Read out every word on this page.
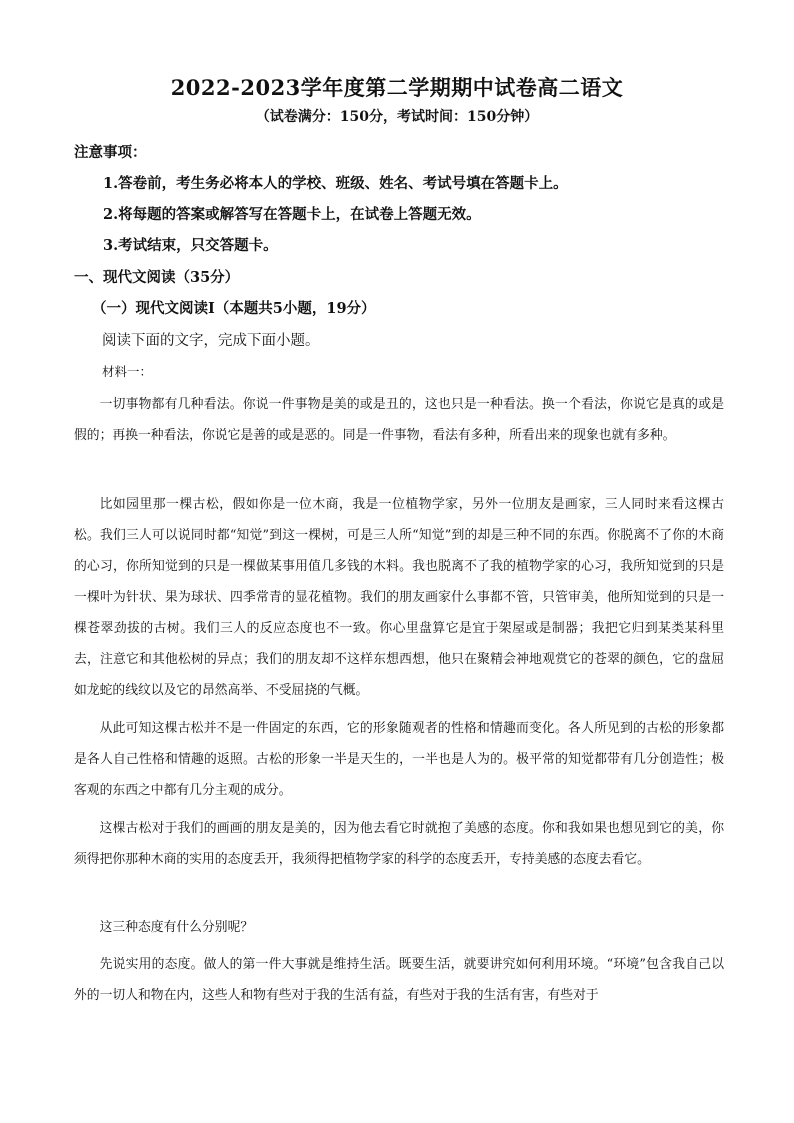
2022-2023学年度第二学期期中试卷高二语文
（试卷满分：150分，考试时间：150分钟）
注意事项：
1.答卷前，考生务必将本人的学校、班级、姓名、考试号填在答题卡上。
2.将每题的答案或解答写在答题卡上，在试卷上答题无效。
3.考试结束，只交答题卡。
一、现代文阅读（35分）
（一）现代文阅读Ⅰ（本题共5小题，19分）
阅读下面的文字，完成下面小题。
材料一：

一切事物都有几种看法。你说一件事物是美的或是丑的，这也只是一种看法。换一个看法，你说它是真的或是假的；再换一种看法，你说它是善的或是恶的。同是一件事物，看法有多种，所看出来的现象也就有多种。

比如园里那一棵古松，假如你是一位木商，我是一位植物学家，另外一位朋友是画家，三人同时来看这棵古松。我们三人可以说同时都“知觉”到这一棵树，可是三人所“知觉”到的却是三种不同的东西。你脱离不了你的木商的心习，你所知觉到的只是一棵做某事用值几多钱的木料。我也脱离不了我的植物学家的心习，我所知觉到的只是一棵叶为针状、果为球状、四季常青的显花植物。我们的朋友画家什么事都不管，只管审美，他所知觉到的只是一棵苍翠劲拔的古树。我们三人的反应态度也不一致。你心里盘算它是宜于架屋或是制器；我把它归到某类某科里去，注意它和其他松树的异点；我们的朋友却不这样东想西想，他只在聚精会神地观赏它的苍翠的颜色，它的盘屈如龙蛇的线纹以及它的昂然高举、不受屈挠的气概。

从此可知这棵古松并不是一件固定的东西，它的形象随观者的性格和情趣而变化。各人所见到的古松的形象都是各人自己性格和情趣的返照。古松的形象一半是天生的，一半也是人为的。极平常的知觉都带有几分创造性；极客观的东西之中都有几分主观的成分。

这棵古松对于我们的画画的朋友是美的，因为他去看它时就抱了美感的态度。你和我如果也想见到它的美，你须得把你那种木商的实用的态度丢开，我须得把植物学家的科学的态度丢开，专持美感的态度去看它。

这三种态度有什么分别呢？

先说实用的态度。做人的第一件大事就是维持生活。既要生活，就要讲究如何利用环境。“环境”包含我自己以外的一切人和物在内，这些人和物有些对于我的生活有益，有些对于我的生活有害，有些对于
